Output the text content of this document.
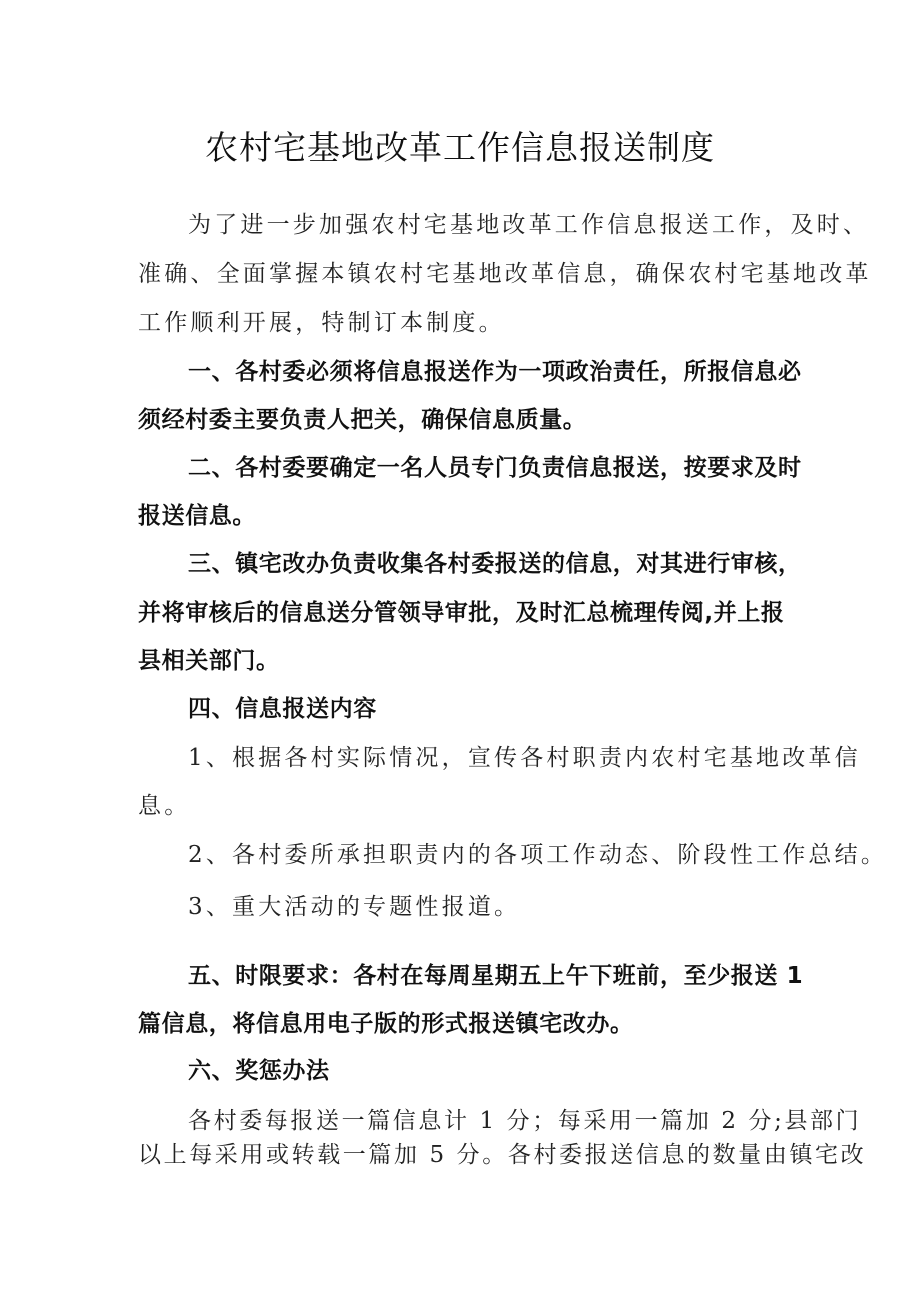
农村宅基地改革工作信息报送制度
为了进一步加强农村宅基地改革工作信息报送工作，及时、
准确、全面掌握本镇农村宅基地改革信息，确保农村宅基地改革
工作顺利开展，特制订本制度。
一、各村委必须将信息报送作为一项政治责任，所报信息必
须经村委主要负责人把关，确保信息质量。
二、各村委要确定一名人员专门负责信息报送，按要求及时
报送信息。
三、镇宅改办负责收集各村委报送的信息，对其进行审核，
并将审核后的信息送分管领导审批，及时汇总梳理传阅,并上报
县相关部门。
四、信息报送内容
1、根据各村实际情况，宣传各村职责内农村宅基地改革信
息。
2、各村委所承担职责内的各项工作动态、阶段性工作总结。
3、重大活动的专题性报道。
五、时限要求：各村在每周星期五上午下班前，至少报送 1
篇信息，将信息用电子版的形式报送镇宅改办。
六、奖惩办法
各村委每报送一篇信息计 1 分；每采用一篇加 2 分;县部门
以上每采用或转载一篇加 5 分。各村委报送信息的数量由镇宅改
